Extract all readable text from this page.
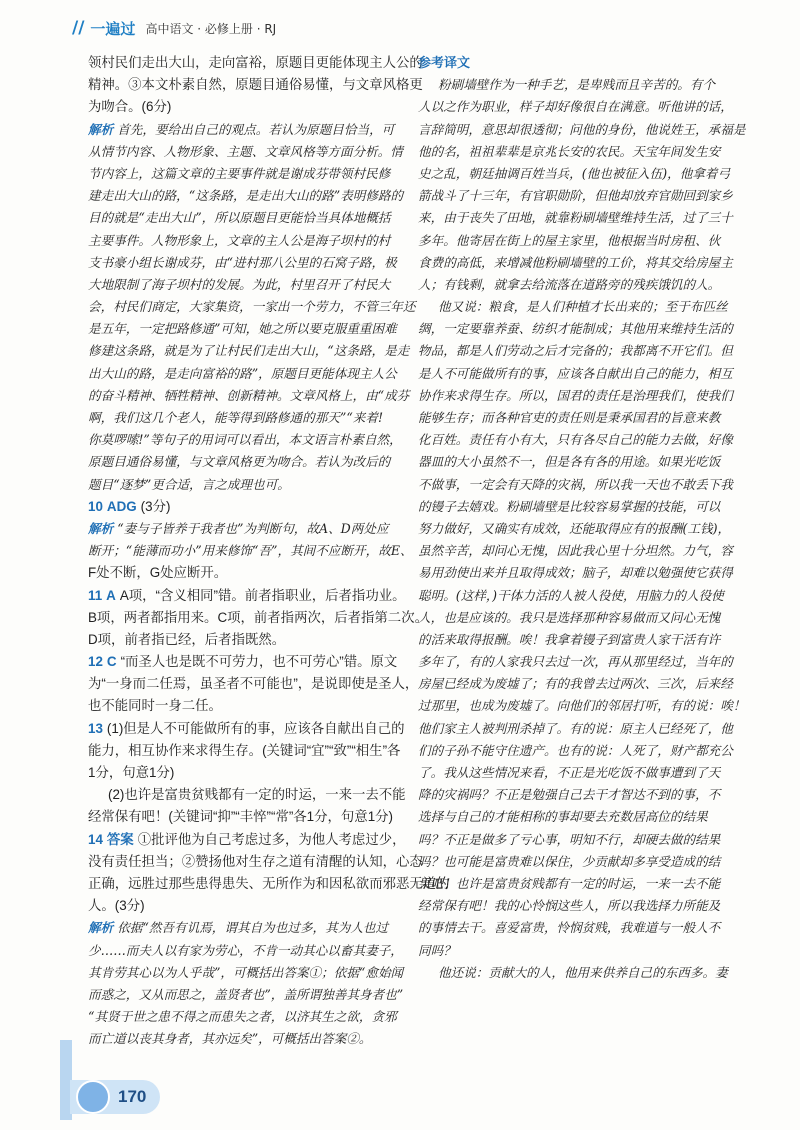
// 一遍过 高中语文 · 必修上册 · RJ
领村民们走出大山，走向富裕，原题目更能体现主人公的
精神。③本文朴素自然，原题目通俗易懂，与文章风格更
为吻合。(6分)
解析 首先，要给出自己的观点。若认为原题目恰当，可
从情节内容、人物形象、主题、文章风格等方面分析。情
节内容上，这篇文章的主要事件就是谢成芬带领村民修
建走出大山的路，“这条路，是走出大山的路”表明修路的
目的就是“走出大山”，所以原题目更能恰当具体地概括
主要事件。人物形象上，文章的主人公是海子坝村的村
支书豪小组长谢成芬，由“进村那八公里的石窝子路，极
大地限制了海子坝村的发展。为此，村里召开了村民大
会，村民们商定，大家集资，一家出一个劳力，不管三年还
是五年，一定把路修通”可知，她之所以要克服重重困难
修建这条路，就是为了让村民们走出大山，“这条路，是走
出大山的路，是走向富裕的路”，原题目更能体现主人公
的奋斗精神、牺牲精神、创新精神。文章风格上，由“成芬
啊，我们这几个老人，能等得到路修通的那天”“来着!
你莫啰嗦!”等句子的用词可以看出，本文语言朴素自然，
原题目通俗易懂，与文章风格更为吻合。若认为改后的
题目“逐梦”更合适，言之成理也可。
10 ADG (3分)
解析 “妻与子皆养于我者也”为判断句，故A、D两处应
断开；“能薄而功小”用来修饰“吾”，其间不应断开，故E、
F处不断，G处应断开。
11 A A项，“含义相同”错。前者指职业，后者指功业。
B项，两者都指用来。C项，前者指两次，后者指第二次。
D项，前者指已经，后者指既然。
12 C “而圣人也是既不可劳力，也不可劳心”错。原文
为“一身而二任焉，虽圣者不可能也”，是说即使是圣人，
也不能同时一身二任。
13 (1)但是人不可能做所有的事，应该各自献出自己的
能力，相互协作来求得生存。(关键词“宜”“致”“相生”各
1分，句意1分)
(2)也许是富贵贫贱都有一定的时运，一来一去不能
经常保有吧！(关键词“抑”“丰悴”“常”各1分，句意1分)
14 答案 ①批评他为自己考虑过多，为他人考虑过少，
没有责任担当；②赞扬他对生存之道有清醒的认知，心态
正确，远胜过那些患得患失、无所作为和因私欲而邪恶无道的
人。(3分)
解析 依据“然吾有讥焉，谓其自为也过多，其为人也过
少……而夫人以有家为劳心，不肯一动其心以畜其妻子，
其肯劳其心以为人乎哉”，可概括出答案①；依据“愈始闻
而惑之，又从而思之，盖贤者也”，盖所谓独善其身者也”
“其贤于世之患不得之而患失之者，以济其生之欲，贪邪
而亡道以丧其身者，其亦远矣”，可概括出答案②。
参考译文
粉刷墙壁作为一种手艺，是卑贱而且辛苦的。有个
人以之作为职业，样子却好像很自在满意。听他讲的话，
言辞简明，意思却很透彻；问他的身份，他说姓王，承福是
他的名，祖祖辈辈是京兆长安的农民。天宝年间发生安
史之乱，朝廷抽调百姓当兵，(他也被征入伍)，他拿着弓
箭战斗了十三年，有官职勋阶，但他却放弃官勋回到家乡
来，由于丧失了田地，就靠粉刷墙壁维持生活，过了三十
多年。他寄居在街上的屋主家里，他根据当时房租、伙
食费的高低，来增减他粉刷墙壁的工价，将其交给房屋主
人；有钱剩，就拿去给流落在道路旁的残疾饿饥的人。
他又说：粮食，是人们种植才长出来的；至于布匹丝
绸，一定要靠养蚕、纺织才能制成；其他用来维持生活的
物品，都是人们劳动之后才完备的；我都离不开它们。但
是人不可能做所有的事，应该各自献出自己的能力，相互
协作来求得生存。所以，国君的责任是治理我们，使我们
能够生存；而各种官吏的责任则是秉承国君的旨意来教
化百姓。责任有小有大，只有各尽自己的能力去做，好像
器皿的大小虽然不一，但是各有各的用途。如果光吃饭
不做事，一定会有天降的灾祸，所以我一天也不敢丢下我
的镘子去嬉戏。粉刷墙壁是比较容易掌握的技能，可以
努力做好，又确实有成效，还能取得应有的报酬(工钱)，
虽然辛苦，却问心无愧，因此我心里十分坦然。力气，容
易用劲使出来并且取得成效；脑子，却难以勉强使它获得
聪明。(这样，)干体力活的人被人役使，用脑力的人役使
人，也是应该的。我只是选择那种容易做而又问心无愧
的活来取得报酬。唉！我拿着镘子到富贵人家干活有许
多年了，有的人家我只去过一次，再从那里经过，当年的
房屋已经成为废墟了；有的我曾去过两次、三次，后来经
过那里，也成为废墟了。向他们的邻居打听，有的说：唉！
他们家主人被判刑杀掉了。有的说：原主人已经死了，他
们的子孙不能守住遗产。也有的说：人死了，财产都充公
了。我从这些情况来看，不正是光吃饭不做事遭到了天
降的灾祸吗？不正是勉强自己去干才智达不到的事，不
选择与自己的才能相称的事却要去充数居高位的结果
吗？不正是做多了亏心事，明知不行，却硬去做的结果
吗？也可能是富贵难以保住，少贡献却多享受造成的结
果吧！也许是富贵贫贱都有一定的时运，一来一去不能
经常保有吧！我的心怜悯这些人，所以我选择力所能及
的事情去干。喜爱富贵，怜悯贫贱，我难道与一般人不
同吗？
他还说：贡献大的人，他用来供养自己的东西多。妻
170
